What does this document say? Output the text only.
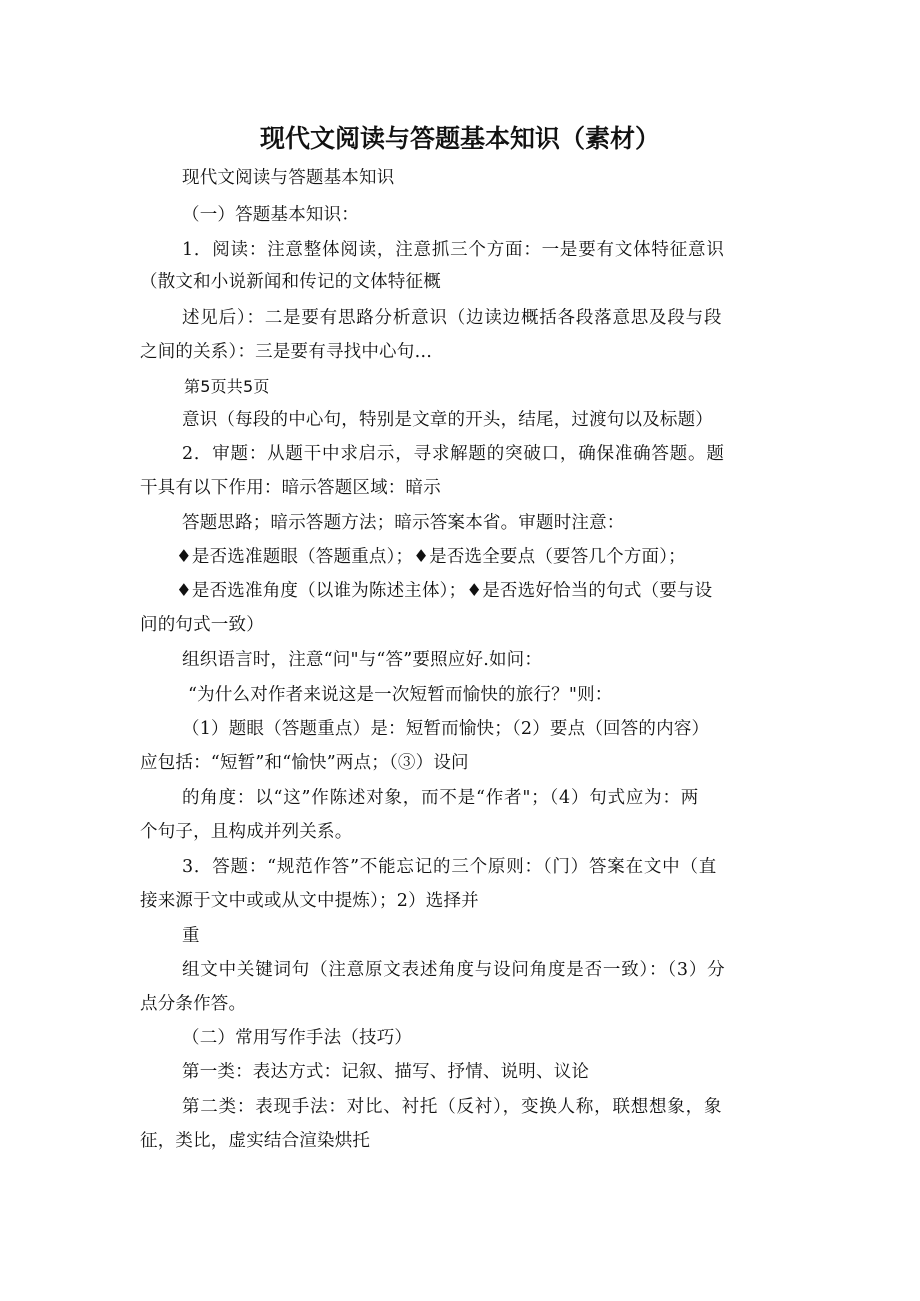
现代文阅读与答题基本知识（素材）
现代文阅读与答题基本知识
（一）答题基本知识：
1．阅读：注意整体阅读，注意抓三个方面：一是要有文体特征意识
（散文和小说新闻和传记的文体特征概
述见后）：二是要有思路分析意识（边读边概括各段落意思及段与段
之间的关系）：三是要有寻找中心句…
第5页共5页
意识（每段的中心句，特别是文章的开头，结尾，过渡句以及标题）
2．审题：从题干中求启示，寻求解题的突破口，确保准确答题。题
干具有以下作用：暗示答题区域：暗示
答题思路；暗示答题方法；暗示答案本省。审题时注意：
♦是否选准题眼（答题重点）；♦是否选全要点（要答几个方面）；
♦是否选准角度（以谁为陈述主体）；♦是否选好恰当的句式（要与设
问的句式一致）
组织语言时，注意“问"与“答”要照应好.如问：
“为什么对作者来说这是一次短暂而愉快的旅行？"则：
（1）题眼（答题重点）是：短暂而愉快；（2）要点（回答的内容）
应包括：“短暂”和“愉快”两点；（③）设问
的角度：以“这”作陈述对象，而不是“作者"；（4）句式应为：两
个句子，且构成并列关系。
3．答题：“规范作答”不能忘记的三个原则：（门）答案在文中（直
接来源于文中或或从文中提炼）；2）选择并
重
组文中关键词句（注意原文表述角度与设问角度是否一致）：（3）分
点分条作答。
（二）常用写作手法（技巧）
第一类：表达方式：记叙、描写、抒情、说明、议论
第二类：表现手法：对比、衬托（反衬），变换人称，联想想象，象
征，类比，虚实结合渲染烘托
